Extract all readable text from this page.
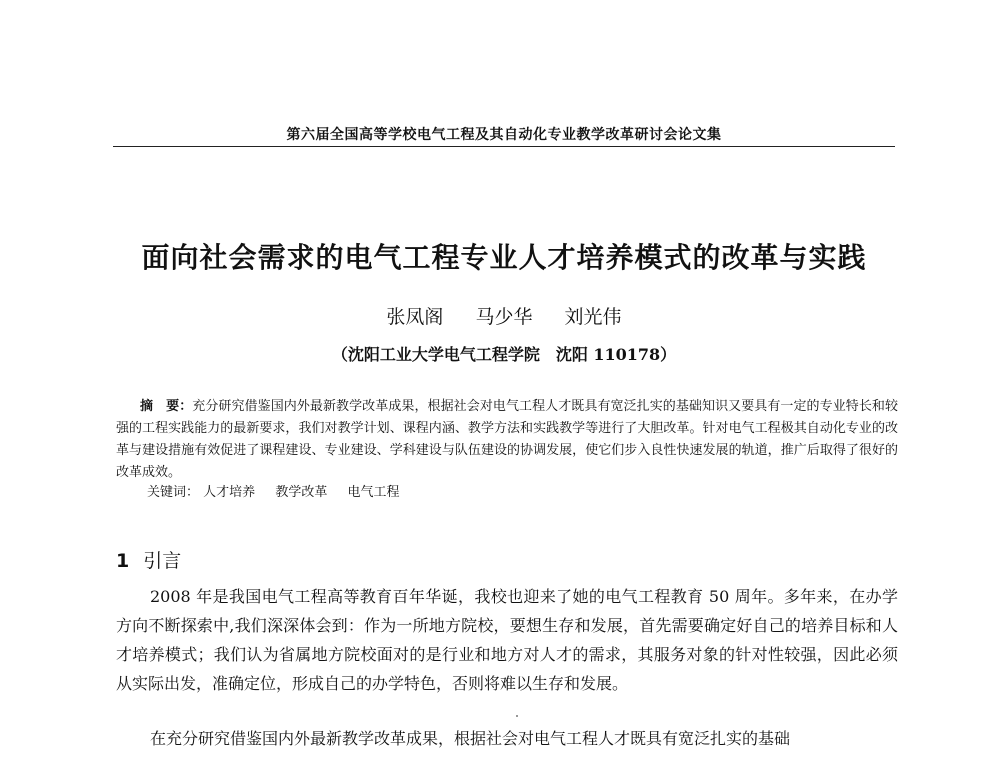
第六届全国高等学校电气工程及其自动化专业教学改革研讨会论文集
面向社会需求的电气工程专业人才培养模式的改革与实践
张凤阁 马少华 刘光伟
（沈阳工业大学电气工程学院　沈阳 110178）
摘　要：充分研究借鉴国内外最新教学改革成果，根据社会对电气工程人才既具有宽泛扎实的基础知识又要具有一定的专业特长和较强的工程实践能力的最新要求，我们对教学计划、课程内涵、教学方法和实践教学等进行了大胆改革。针对电气工程极其自动化专业的改革与建设措施有效促进了课程建设、专业建设、学科建设与队伍建设的协调发展，使它们步入良性快速发展的轨道，推广后取得了很好的改革成效。
关键词： 人才培养 教学改革 电气工程
1 引言
2008 年是我国电气工程高等教育百年华诞，我校也迎来了她的电气工程教育 50 周年。多年来，在办学方向不断探索中,我们深深体会到：作为一所地方院校，要想生存和发展，首先需要确定好自己的培养目标和人才培养模式；我们认为省属地方院校面对的是行业和地方对人才的需求，其服务对象的针对性较强，因此必须从实际出发，准确定位，形成自己的办学特色，否则将难以生存和发展。
在充分研究借鉴国内外最新教学改革成果，根据社会对电气工程人才既具有宽泛扎实的基础
